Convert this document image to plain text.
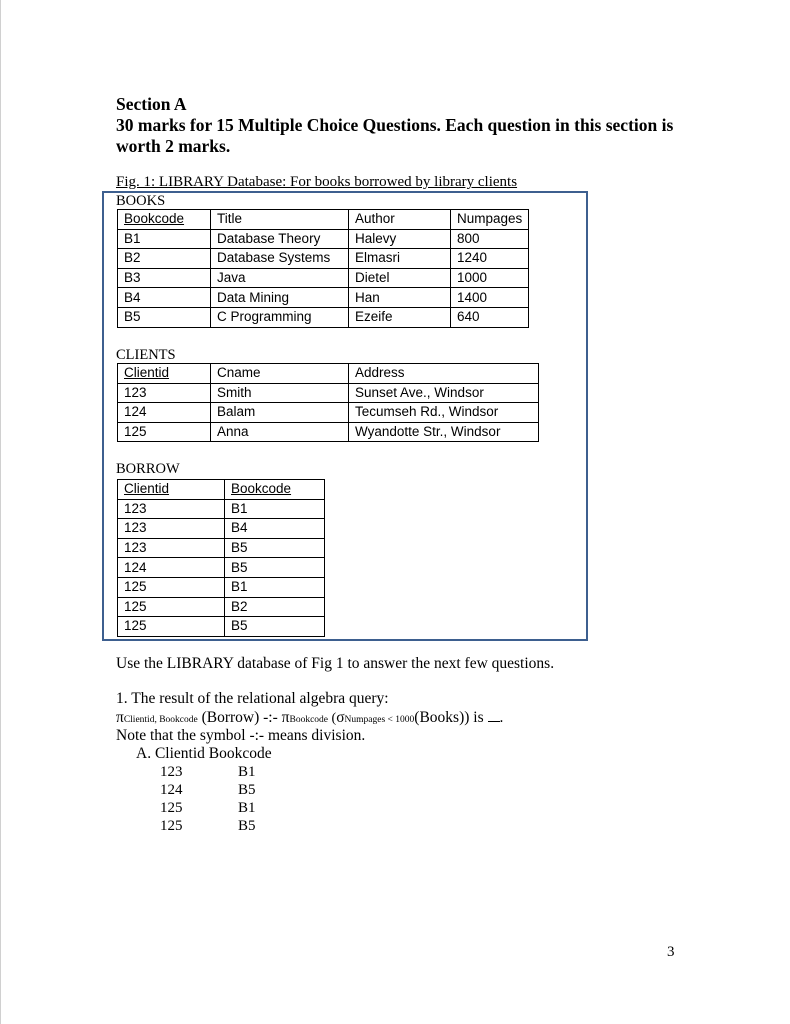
Section A
30 marks for 15 Multiple Choice Questions. Each question in this section is worth 2 marks.
Fig. 1: LIBRARY Database: For books borrowed by library clients
BOOKS
Bookcode	Title	Author	Numpages
B1	Database Theory	Halevy	800
B2	Database Systems	Elmasri	1240
B3	Java	Dietel	1000
B4	Data Mining	Han	1400
B5	C Programming	Ezeife	640
CLIENTS
Clientid	Cname	Address
123	Smith	Sunset Ave., Windsor
124	Balam	Tecumseh Rd., Windsor
125	Anna	Wyandotte Str., Windsor
BORROW
Clientid	Bookcode
123	B1
123	B4
123	B5
124	B5
125	B1
125	B2
125	B5
Use the LIBRARY database of Fig 1 to answer the next few questions.
1. The result of the relational algebra query:
πClientid, Bookcode (Borrow) -:- πBookcode (σNumpages < 1000(Books)) is .
Note that the symbol -:- means division.
A. Clientid Bookcode
123	B1
124	B5
125	B1
125	B5
3
